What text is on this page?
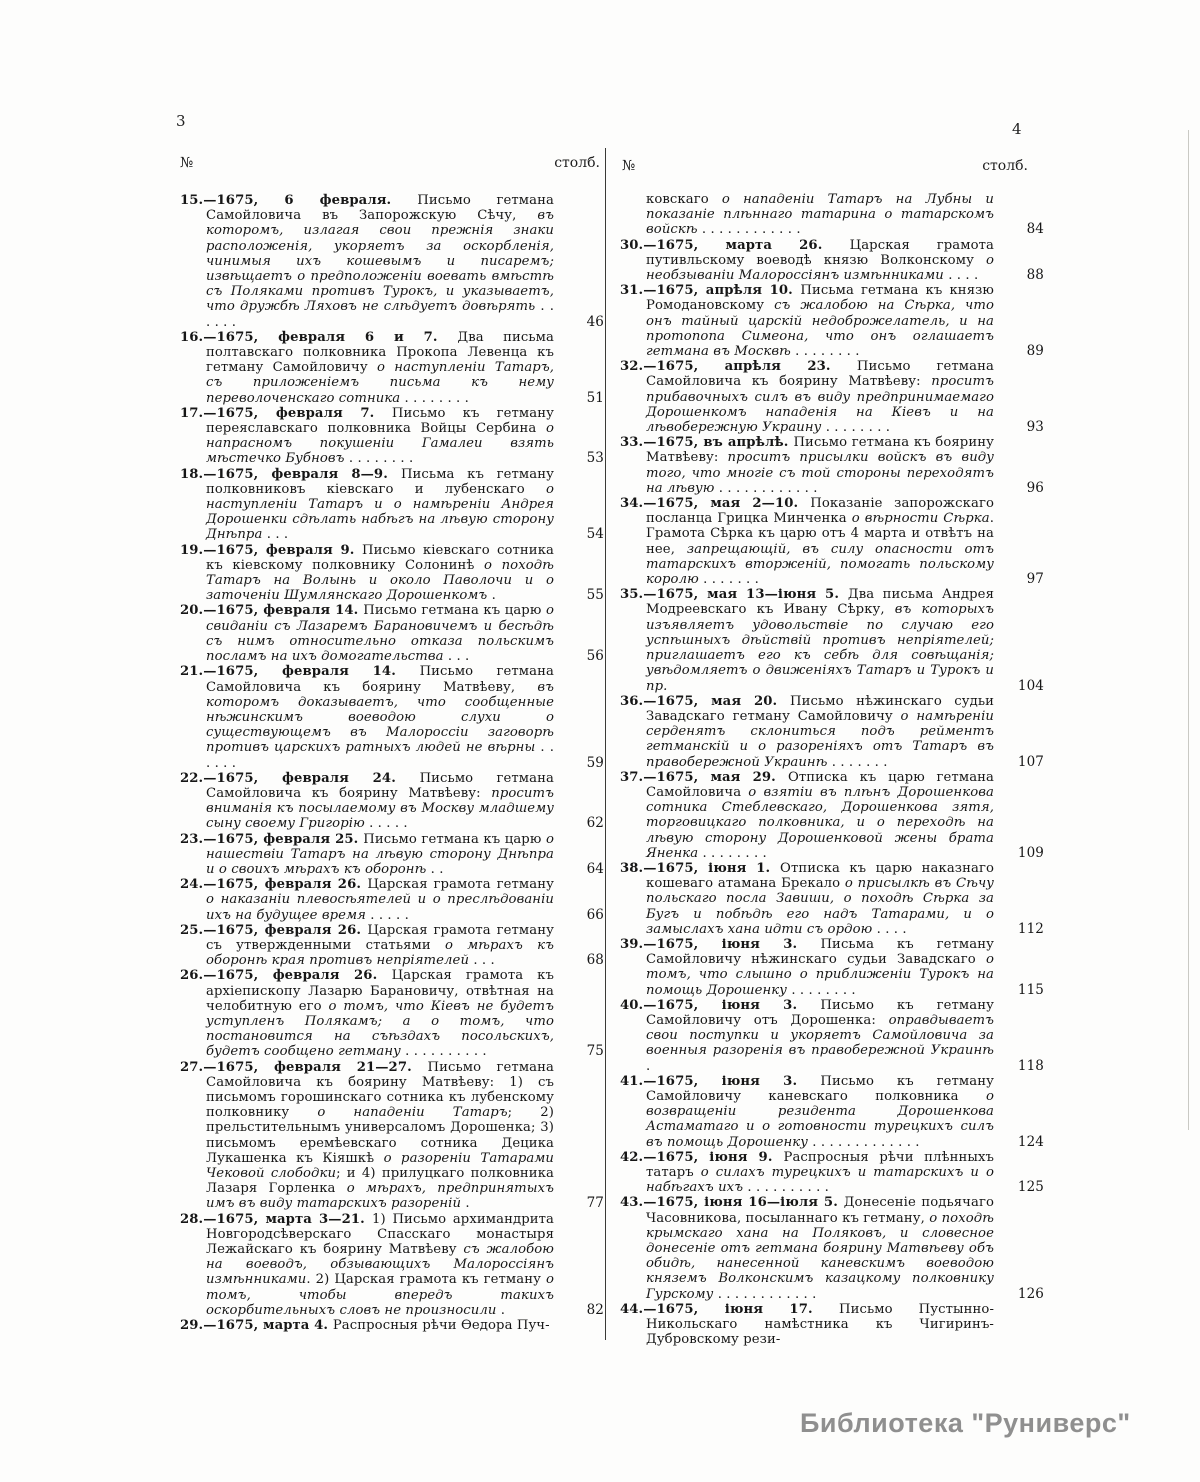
3	4
№	столб. №	столб.
15.—1675, 6 февраля. Письмо гетмана Самойловича въ Запорожскую Сѣчу, въ которомъ, излагая свои прежнія знаки расположенія, укоряетъ за оскорбленія, чинимыя ихъ кошевымъ и писаремъ; извѣщаетъ о предположеніи воевать вмѣстѣ съ Поляками противъ Турокъ, и указываетъ, что дружбѣ Ляховъ не слѣдуетъ довѣрять . . . . . .	46
16.—1675, февраля 6 и 7. Два письма полтавскаго полковника Прокопа Левенца къ гетману Самойловичу о наступленіи Татаръ, съ приложеніемъ письма къ нему переволоченскаго сотника . . . . . . . .	51
17.—1675, февраля 7. Письмо къ гетману переяславскаго полковника Войцы Сербина о напрасномъ покушеніи Гамалеи взять мѣстечко Бубновъ . . . . . . . .	53
18.—1675, февраля 8—9. Письма къ гетману полковниковъ кіевскаго и лубенскаго о наступленіи Татаръ и о намѣреніи Андрея Дорошенки сдѣлать набѣгъ на лѣвую сторону Днѣпра . . .	54
19.—1675, февраля 9. Письмо кіевскаго сотника къ кіевскому полковнику Солонинѣ о походѣ Татаръ на Волынь и около Паволочи и о заточеніи Шумлянскаго Дорошенкомъ .	55
20.—1675, февраля 14. Письмо гетмана къ царю о свиданіи съ Лазаремъ Барановичемъ и бесѣдѣ съ нимъ относительно отказа польскимъ посламъ на ихъ домогательства . . .	56
21.—1675, февраля 14. Письмо гетмана Самойловича къ боярину Матвѣеву, въ которомъ доказываетъ, что сообщенные нѣжинскимъ воеводою слухи о существующемъ въ Малороссіи заговорѣ противъ царскихъ ратныхъ людей не вѣрны . . . . . .	59
22.—1675, февраля 24. Письмо гетмана Самойловича къ боярину Матвѣеву: проситъ вниманія къ посылаемому въ Москву младшему сыну своему Григорію . . . . .	62
23.—1675, февраля 25. Письмо гетмана къ царю о нашествіи Татаръ на лѣвую сторону Днѣпра и о своихъ мѣрахъ къ оборонѣ . .	64
24.—1675, февраля 26. Царская грамота гетману о наказаніи плевосѣятелей и о преслѣдованіи ихъ на будущее время . . . . .	66
25.—1675, февраля 26. Царская грамота гетману съ утвержденными статьями о мѣрахъ къ оборонѣ края противъ непріятелей . . .	68
26.—1675, февраля 26. Царская грамота къ архіепископу Лазарю Барановичу, отвѣтная на челобитную его о томъ, что Кіевъ не будетъ уступленъ Полякамъ; а о томъ, что постановится на съѣздахъ посольскихъ, будетъ сообщено гетману . . . . . . . . . .	75
27.—1675, февраля 21—27. Письмо гетмана Самойловича къ боярину Матвѣеву: 1) съ письмомъ горошинскаго сотника къ лубенскому полковнику о нападеніи Татаръ; 2) прельстительнымъ универсаломъ Дорошенка; 3) письмомъ еремѣевскаго сотника Децика Лукашенка къ Кіяшкѣ о разореніи Татарами Чековой слободки; и 4) прилуцкаго полковника Лазаря Горленка о мѣрахъ, предпринятыхъ имъ въ виду татарскихъ разореній .	77
28.—1675, марта 3—21. 1) Письмо архимандрита Новгородсѣверскаго Спасскаго монастыря Лежайскаго къ боярину Матвѣеву съ жалобою на воеводъ, обзывающихъ Малороссіянъ измѣнниками. 2) Царская грамота къ гетману о томъ, чтобы впередъ такихъ оскорбительныхъ словъ не произносили .	82
29.—1675, марта 4. Распросныя рѣчи Ѳедора Пуч-
ковскаго о нападеніи Татаръ на Лубны и показаніе плѣннаго татарина о татарскомъ войскѣ . . . . . . . . . . . .	84
30.—1675, марта 26. Царская грамота путивльскому воеводѣ князю Волконскому о необзываніи Малороссіянъ измѣнниками . . . .	88
31.—1675, апрѣля 10. Письма гетмана къ князю Ромодановскому съ жалобою на Сѣрка, что онъ тайный царскій недоброжелатель, и на протопопа Симеона, что онъ оглашаетъ гетмана въ Москвѣ . . . . . . . .	89
32.—1675, апрѣля 23. Письмо гетмана Самойловича къ боярину Матвѣеву: проситъ прибавочныхъ силъ въ виду предпринимаемаго Дорошенкомъ нападенія на Кіевъ и на лѣвобережную Украину . . . . . . . .	93
33.—1675, въ апрѣлѣ. Письмо гетмана къ боярину Матвѣеву: проситъ присылки войскъ въ виду того, что многіе съ той стороны переходятъ на лѣвую . . . . . . . . . . . .	96
34.—1675, мая 2—10. Показаніе запорожскаго посланца Грицка Минченка о вѣрности Сѣрка. Грамота Сѣрка къ царю отъ 4 марта и отвѣтъ на нее, запрещающій, въ силу опасности отъ татарскихъ вторженій, помогать польскому королю . . . . . . .	97
35.—1675, мая 13—іюня 5. Два письма Андрея Модреевскаго къ Ивану Сѣрку, въ которыхъ изъявляетъ удовольствіе по случаю его успѣшныхъ дѣйствій противъ непріятелей; приглашаетъ его къ себѣ для совѣщанія; увѣдомляетъ о движеніяхъ Татаръ и Турокъ и пр.	104
36.—1675, мая 20. Письмо нѣжинскаго судьи Завадскаго гетману Самойловичу о намѣреніи серденятъ склониться подъ рейментъ гетманскій и о разореніяхъ отъ Татаръ въ правобережной Украинѣ . . . . . . .	107
37.—1675, мая 29. Отписка къ царю гетмана Самойловича о взятіи въ плѣнъ Дорошенкова сотника Стеблевскаго, Дорошенкова зятя, торговицкаго полковника, и о переходѣ на лѣвую сторону Дорошенковой жены брата Яненка . . . . . . . .	109
38.—1675, іюня 1. Отписка къ царю наказнаго кошеваго атамана Брекало о присылкѣ въ Сѣчу польскаго посла Завиши, о походѣ Сѣрка за Бугъ и побѣдѣ его надъ Татарами, и о замыслахъ хана идти съ ордою . . . .	112
39.—1675, іюня 3. Письма къ гетману Самойловичу нѣжинскаго судьи Завадскаго о томъ, что слышно о приближеніи Турокъ на помощь Дорошенку . . . . . . . .	115
40.—1675, іюня 3. Письмо къ гетману Самойловичу отъ Дорошенка: оправдываетъ свои поступки и укоряетъ Самойловича за военныя разоренія въ правобережной Украинѣ .	118
41.—1675, іюня 3. Письмо къ гетману Самойловичу каневскаго полковника о возвращеніи резидента Дорошенкова Астаматаго и о готовности турецкихъ силъ въ помощь Дорошенку . . . . . . . . . . . . .	124
42.—1675, іюня 9. Распросныя рѣчи плѣнныхъ татаръ о силахъ турецкихъ и татарскихъ и о набѣгахъ ихъ . . . . . . . . . .	125
43.—1675, іюня 16—іюля 5. Донесеніе подьячаго Часовникова, посыланнаго къ гетману, о походѣ крымскаго хана на Поляковъ, и словесное донесеніе отъ гетмана боярину Матвѣеву объ обидѣ, нанесенной каневскимъ воеводою княземъ Волконскимъ казацкому полковнику Гурскому . . . . . . . . . . . .	126
44.—1675, іюня 17. Письмо Пустынно-Никольскаго намѣстника къ Чигиринъ-Дубровскому рези-
Библиотека "Руниверс"
